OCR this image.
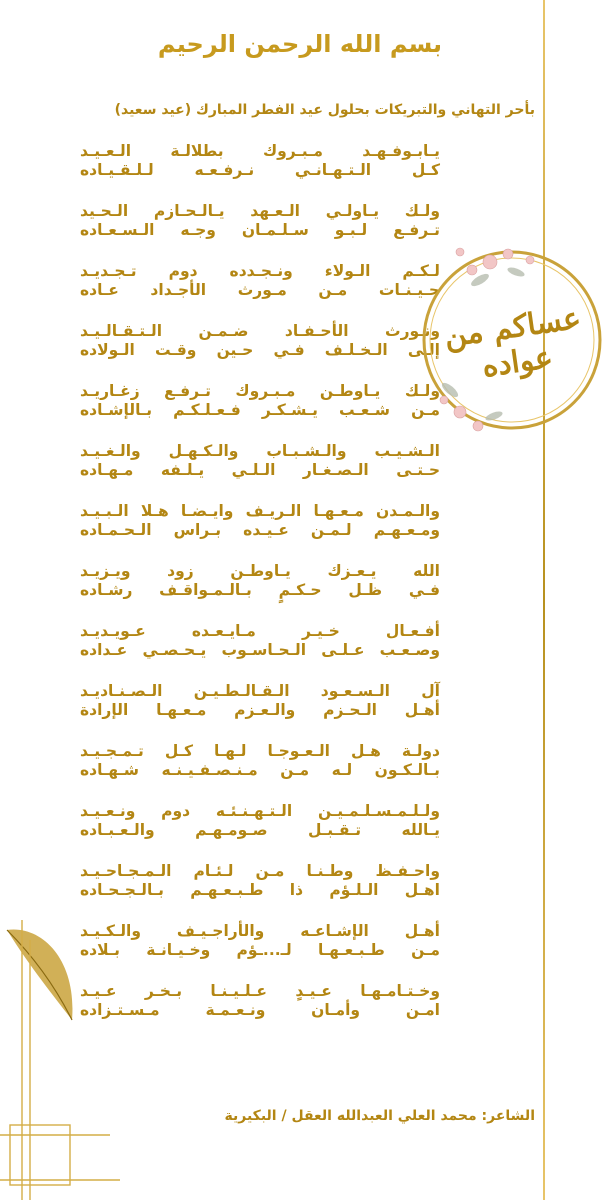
بسم الله الرحمن الرحيم
بأحر التهاني والتبريكات بحلول عيد الفطر المبارك (عيد سعيد)
يـابـوفـهـد مـبـروك بطلالـة الـعـيـد
كـل الـتـهـانـي نـرفـعـه لـلـقـيـاده
ولـك يـاولـي الـعـهد يـالـحـازم الـحـيد
تـرفـع لـبـو سـلـمـان وجـه الـسـعـاده
لـكـم الـولاء ونـجـدده دوم تـجـديـد
جـيـنـات مـن مـورث الأجـداد عـاده
ونـورث الأحـفـاد ضـمـن الـتـقـالـيـد
إلـى الـخـلـف فـي حـين وقـت الـولاده
ولـك يـاوطـن مـبـروك تـرفـع زغـاريـد
مـن شـعـب يـشـكـر فـعـلـكـم بـالإشـاده
الـشـيـب والـشـبـاب والـكـهـل والـغـيـد
حـتـى الـصـغـار الـلـي يـلـفه مـهـاده
والـمـدن مـعـهـا الـريـف وايـضـا هـلا الـبـيـد
ومـعـهـم لـمـن عـيـده بـراس الـحـمـاده
الله يـعـزك يـاوطـن زود ويـزيـد
فـي ظـل حـكـمٍ بـالـمـواقـف رشـاده
أفـعـال خـيـر مـايـعـده عـويـديـد
وصـعـب عـلـى الـحـاسـوب يـحـصـي عـداده
آل الـسـعـود الـقـالـطـيـن الـصـنـاديـد
أهـل الـحـزم والـعـزم مـعـهـا الإرادة
دولـة هـل الـعـوجـا لـهـا كـل تـمـجـيـد
بـالـكـون لـه مـن مـنـصـفـيـنـه شـهـاده
ولـلـمـسـلـمـيـن الـتـهـنـئـه دوم ونـعـيـد
يـالله تـقـبـل صـومـهـم والـعـبـاده
واحـفـظ وطـنـا مـن لـئـام الـمـجـاحـيـد
اهـل الـلـؤم ذا طـبـعـهـم بـالـجـحـاده
أهـل الإشـاعـه والأراجـيـف والـكـيـد
مـن طـبـعـهـا لـ...ـؤم وخـيـانـة بـلاده
وخـتـامـهـا عـيـدٍ عـلـيـنـا بـخـر عـيـد
امـن وأمـان ونـعـمـة مـسـتـزاده
عساكم من عواده
الشاعر: محمد العلي العبدالله العقل / البكيرية
